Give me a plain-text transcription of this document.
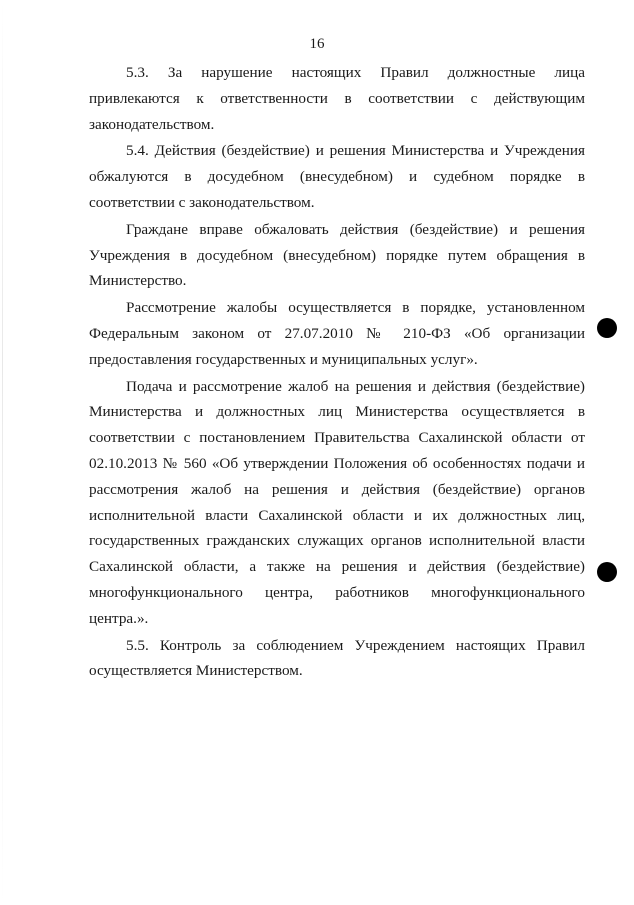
16

5.3. За нарушение настоящих Правил должностные лица привлекаются к ответственности в соответствии с действующим законодательством.

5.4. Действия (бездействие) и решения Министерства и Учреждения обжалуются в досудебном (внесудебном) и судебном порядке в соответствии с законодательством.

Граждане вправе обжаловать действия (бездействие) и решения Учреждения в досудебном (внесудебном) порядке путем обращения в Министерство.

Рассмотрение жалобы осуществляется в порядке, установленном Федеральным законом от 27.07.2010 № 210-ФЗ «Об организации предоставления государственных и муниципальных услуг».

Подача и рассмотрение жалоб на решения и действия (бездействие) Министерства и должностных лиц Министерства осуществляется в соответствии с постановлением Правительства Сахалинской области от 02.10.2013 № 560 «Об утверждении Положения об особенностях подачи и рассмотрения жалоб на решения и действия (бездействие) органов исполнительной власти Сахалинской области и их должностных лиц, государственных гражданских служащих органов исполнительной власти Сахалинской области, а также на решения и действия (бездействие) многофункционального центра, работников многофункционального центра.».

5.5. Контроль за соблюдением Учреждением настоящих Правил осуществляется Министерством.
